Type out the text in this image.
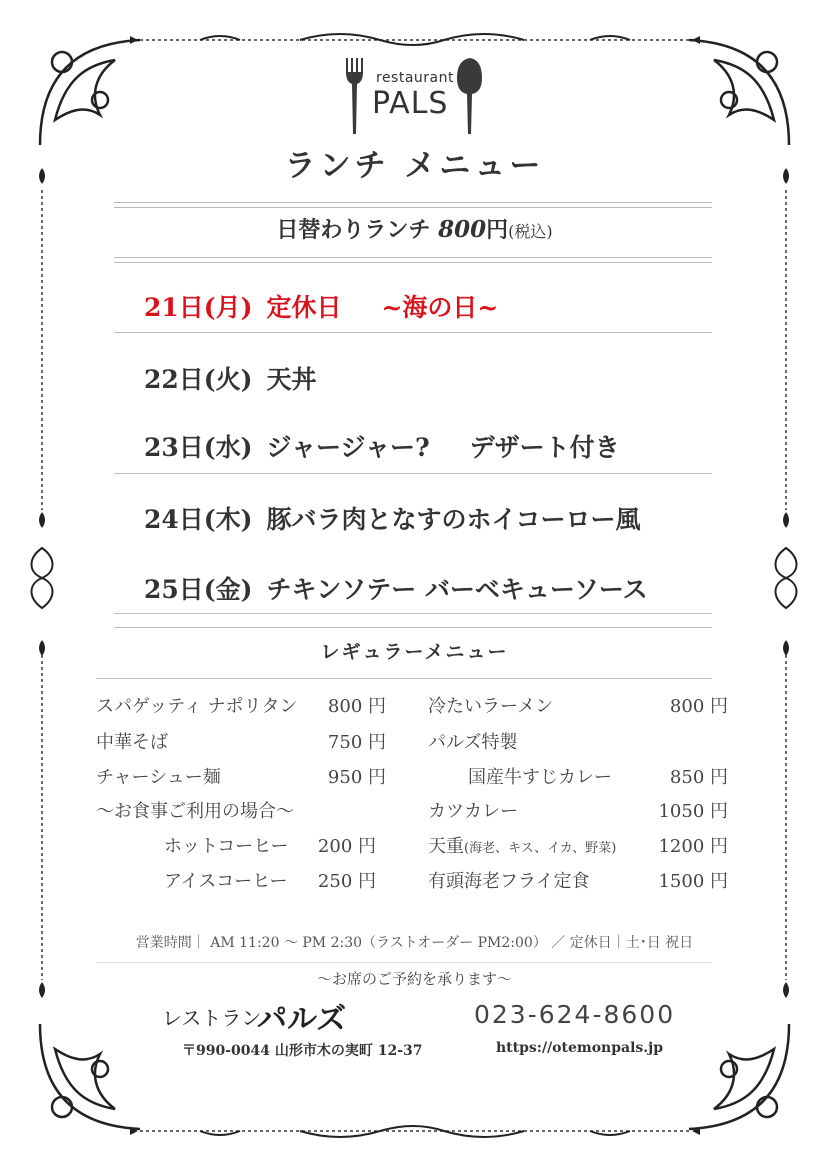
restaurant
PALS
ランチ メニュー
日替わりランチ 800円(税込)
21日(月) 定休日 ~海の日~
22日(火) 天丼
23日(水) ジャージャー? デザート付き
24日(木) 豚バラ肉となすのホイコーロー風
25日(金) チキンソテー バーベキューソース
レギュラーメニュー
スパゲッティ ナポリタン	800 円
中華そば	750 円
チャーシュー麺	950 円
～お食事ご利用の場合～
ホットコーヒー	200 円
アイスコーヒー	250 円
冷たいラーメン	800 円
パルズ特製
国産牛すじカレー	850 円
カツカレー	1050 円
天重(海老、キス、イカ、野菜)	1200 円
有頭海老フライ定食	1500 円
営業時間｜ AM 11:20 ～ PM 2:30（ラストオーダー PM2:00） ／ 定休日｜土･日 祝日
～お席のご予約を承ります～
レストラン
パルズ	023-624-8600
〒990-0044 山形市木の実町 12-37	https://otemonpals.jp
